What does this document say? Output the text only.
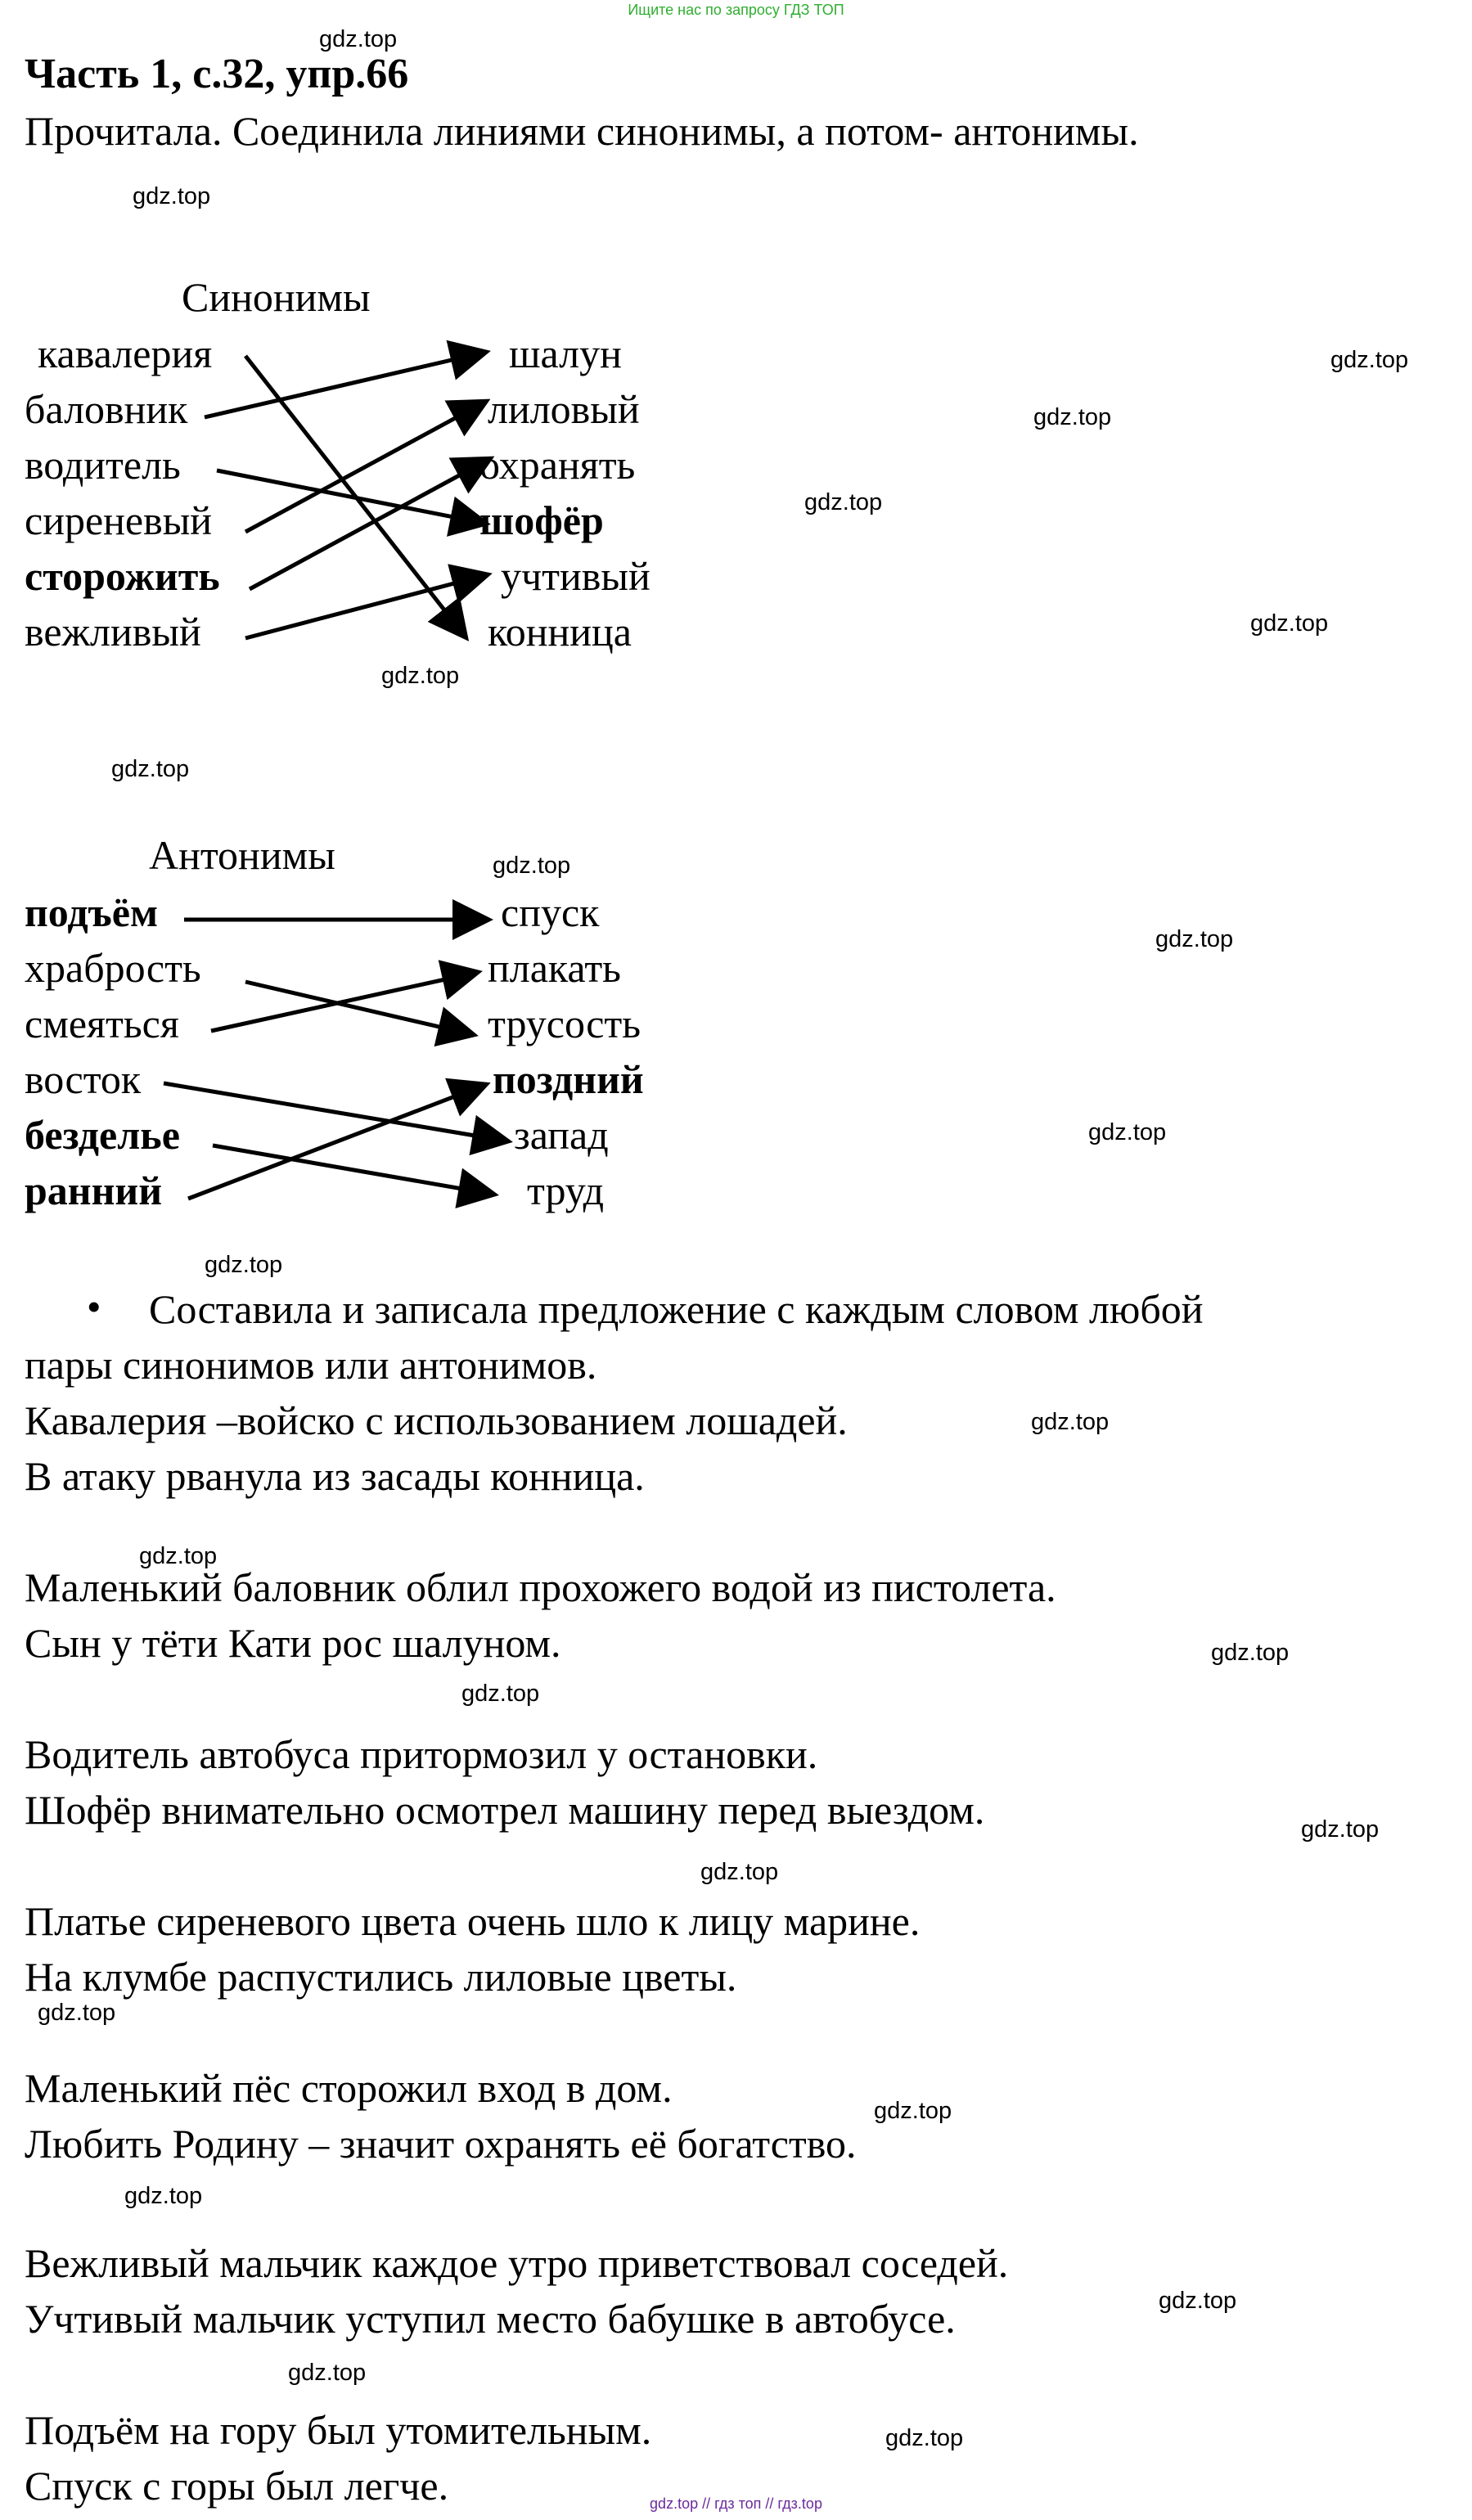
Ищите нас по запросу ГДЗ ТОП
Часть 1, с.32, упр.66
Прочитала. Соединила линиями синонимы, а потом- антонимы.
Синонимы
кавалерия
баловник
водитель
сиреневый
сторожить
вежливый
шалун
лиловый
охранять
шофёр
учтивый
конница
Антонимы
подъём
храбрость
смеяться
восток
безделье
ранний
спуск
плакать
трусость
поздний
запад
труд
• Составила и записала предложение с каждым словом любой
пары синонимов или антонимов.
Кавалерия –войско с использованием лошадей.
В атаку рванула из засады конница.
Маленький баловник облил прохожего водой из пистолета.
Сын у тёти Кати рос шалуном.
Водитель автобуса притормозил у остановки.
Шофёр внимательно осмотрел машину перед выездом.
Платье сиреневого цвета очень шло к лицу марине.
На клумбе распустились лиловые цветы.
Маленький пёс сторожил вход в дом.
Любить Родину – значит охранять её богатство.
Вежливый мальчик каждое утро приветствовал соседей.
Учтивый мальчик уступил место бабушке в автобусе.
Подъём на гору был утомительным.
Спуск с горы был легче.
gdz.top
gdz.top
gdz.top
gdz.top
gdz.top
gdz.top
gdz.top
gdz.top
gdz.top
gdz.top
gdz.top
gdz.top
gdz.top
gdz.top
gdz.top
gdz.top
gdz.top
gdz.top
gdz.top
gdz.top
gdz.top
gdz.top
gdz.top
gdz.top
gdz.top // гдз топ // гдз.top
